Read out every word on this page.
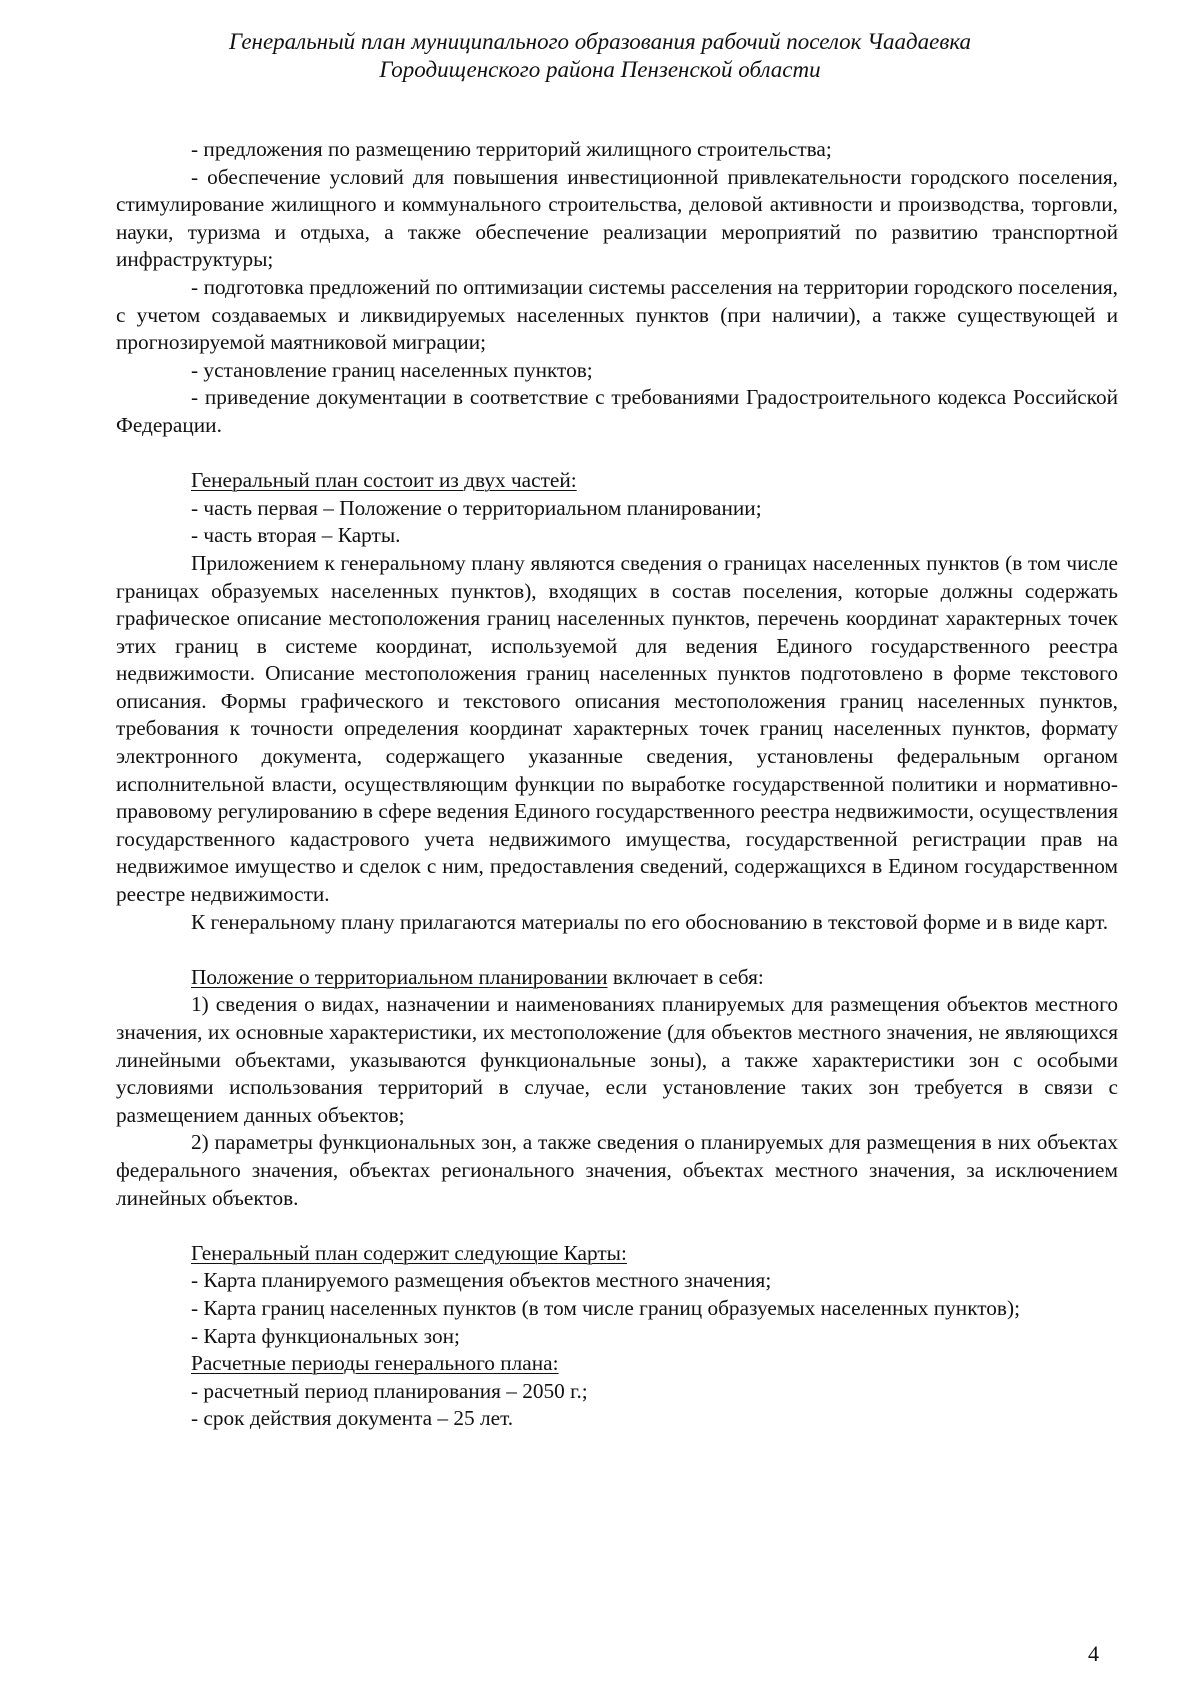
Генеральный план муниципального образования рабочий поселок Чаадаевка
Городищенского района Пензенской области

- предложения по размещению территорий жилищного строительства;

- обеспечение условий для повышения инвестиционной привлекательности городского поселения, стимулирование жилищного и коммунального строительства, деловой активности и производства, торговли, науки, туризма и отдыха, а также обеспечение реализации мероприятий по развитию транспортной инфраструктуры;

- подготовка предложений по оптимизации системы расселения на территории городского поселения, с учетом создаваемых и ликвидируемых населенных пунктов (при наличии), а также существующей и прогнозируемой маятниковой миграции;

- установление границ населенных пунктов;

- приведение документации в соответствие с требованиями Градостроительного кодекса Российской Федерации.

Генеральный план состоит из двух частей:

- часть первая – Положение о территориальном планировании;

- часть вторая – Карты.

Приложением к генеральному плану являются сведения о границах населенных пунктов (в том числе границах образуемых населенных пунктов), входящих в состав поселения, которые должны содержать графическое описание местоположения границ населенных пунктов, перечень координат характерных точек этих границ в системе координат, используемой для ведения Единого государственного реестра недвижимости. Описание местоположения границ населенных пунктов подготовлено в форме текстового описания. Формы графического и текстового описания местоположения границ населенных пунктов, требования к точности определения координат характерных точек границ населенных пунктов, формату электронного документа, содержащего указанные сведения, установлены федеральным органом исполнительной власти, осуществляющим функции по выработке государственной политики и нормативно-правовому регулированию в сфере ведения Единого государственного реестра недвижимости, осуществления государственного кадастрового учета недвижимого имущества, государственной регистрации прав на недвижимое имущество и сделок с ним, предоставления сведений, содержащихся в Едином государственном реестре недвижимости.

К генеральному плану прилагаются материалы по его обоснованию в текстовой форме и в виде карт.

Положение о территориальном планировании включает в себя:

1) сведения о видах, назначении и наименованиях планируемых для размещения объектов местного значения, их основные характеристики, их местоположение (для объектов местного значения, не являющихся линейными объектами, указываются функциональные зоны), а также характеристики зон с особыми условиями использования территорий в случае, если установление таких зон требуется в связи с размещением данных объектов;

2) параметры функциональных зон, а также сведения о планируемых для размещения в них объектах федерального значения, объектах регионального значения, объектах местного значения, за исключением линейных объектов.

Генеральный план содержит следующие Карты:

- Карта планируемого размещения объектов местного значения;

- Карта границ населенных пунктов (в том числе границ образуемых населенных пунктов);

- Карта функциональных зон;

Расчетные периоды генерального плана:

- расчетный период планирования – 2050 г.;

- срок действия документа – 25 лет.

4
